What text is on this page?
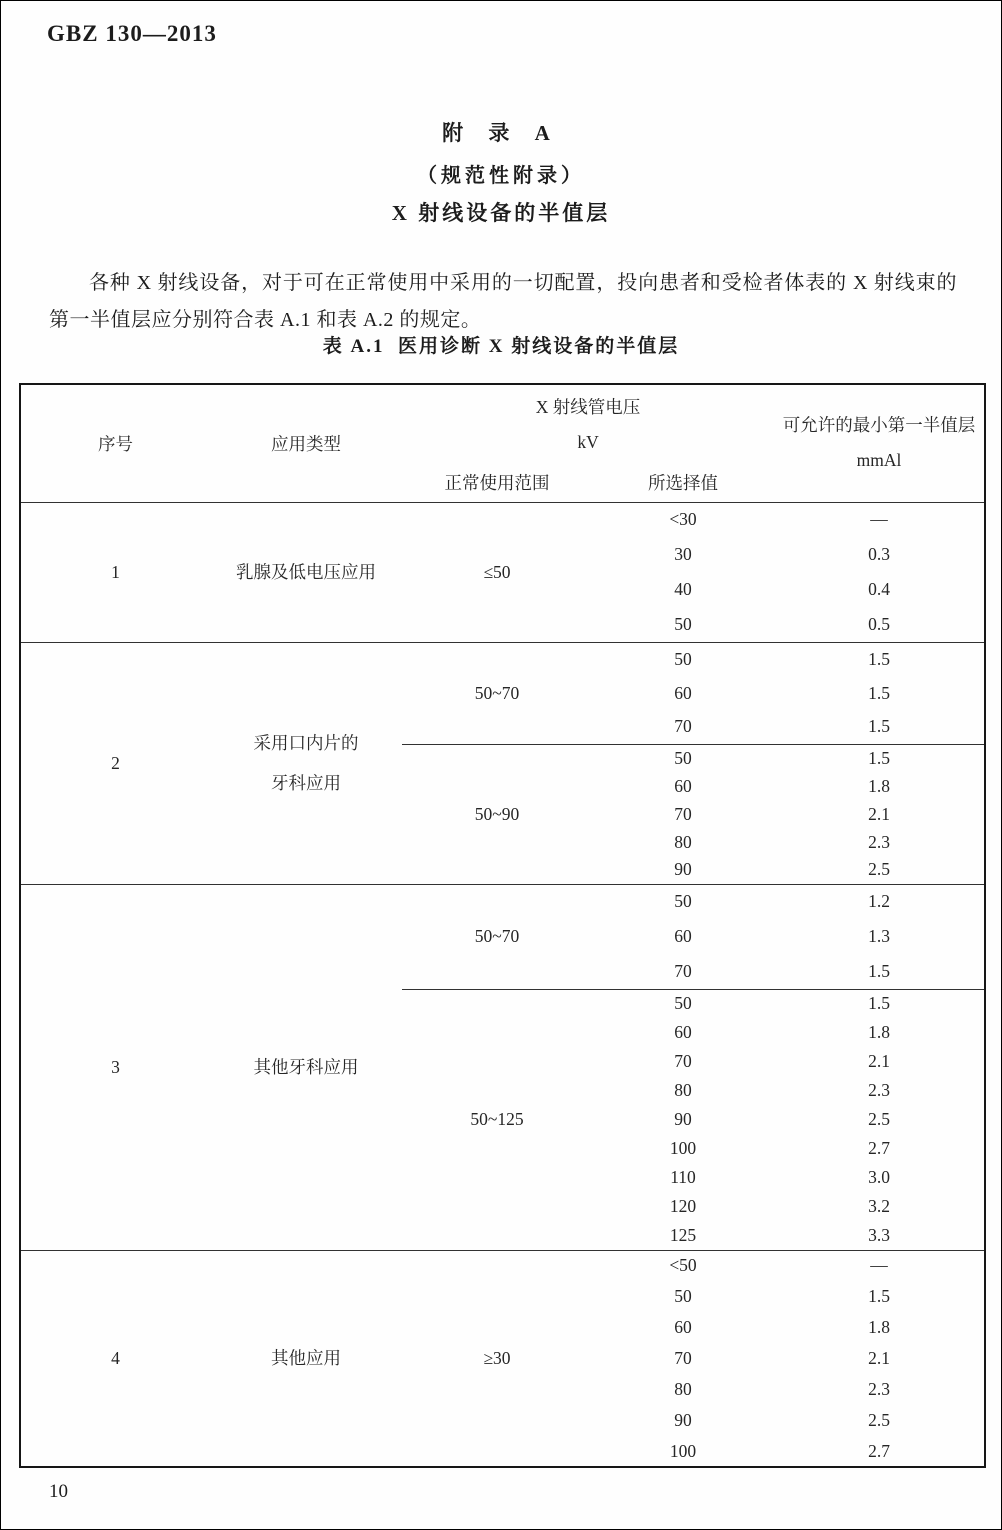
GBZ 130—2013
附 录 A
（规范性附录）
X 射线设备的半值层

各种 X 射线设备，对于可在正常使用中采用的一切配置，投向患者和受检者体表的 X 射线束的第一半值层应分别符合表 A.1 和表 A.2 的规定。

表 A.1  医用诊断 X 射线设备的半值层
序号	应用类型	
X 射线管电压
kV

可允许的最小第一半值层
mmAl

		正常使用范围	所选择值	
1	乳腺及低电压应用	≤50	<30	—
			30	0.3
			40	0.4
			50	0.5
2	采用口内片的
牙科应用	50~70	50	1.5
			60	1.5
			70	1.5
		50~90	50	1.5
			60	1.8
			70	2.1
			80	2.3
			90	2.5
3	其他牙科应用	50~70	50	1.2
			60	1.3
			70	1.5
		50~125	50	1.5
			60	1.8
			70	2.1
			80	2.3
			90	2.5
			100	2.7
			110	3.0
			120	3.2
			125	3.3
4	其他应用	≥30	<50	—
			50	1.5
			60	1.8
			70	2.1
			80	2.3
			90	2.5
			100	2.7
10
